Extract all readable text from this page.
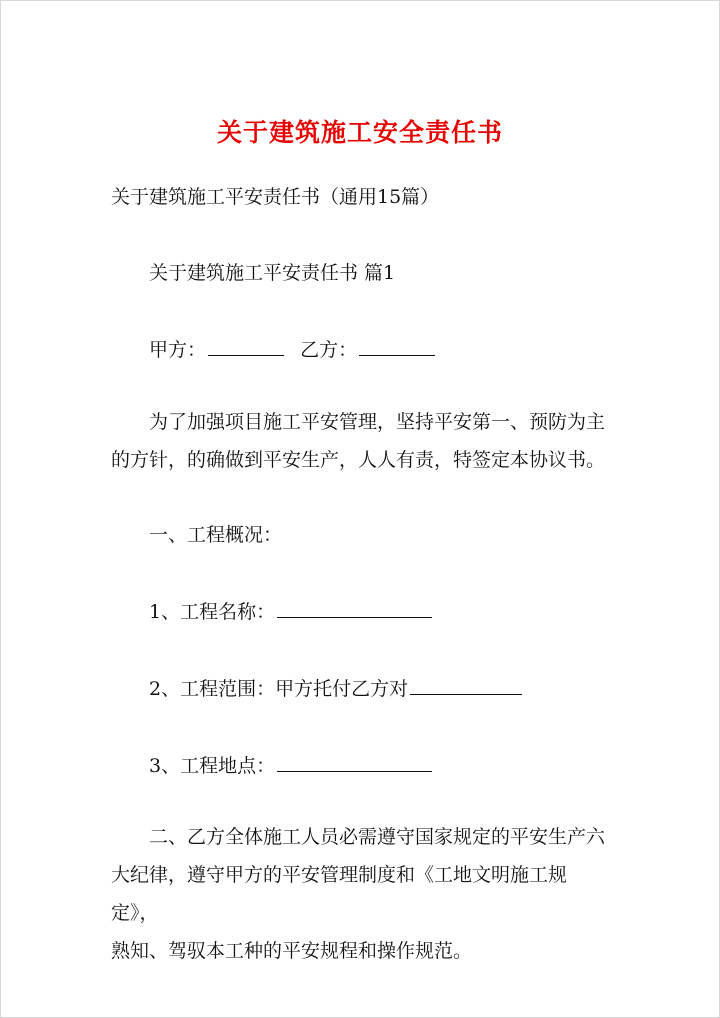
关于建筑施工安全责任书
关于建筑施工平安责任书（通用15篇）
关于建筑施工平安责任书 篇1
甲方：	乙方：
为了加强项目施工平安管理，坚持平安第一、预防为主
的方针，的确做到平安生产，人人有责，特签定本协议书。
一、工程概况：
1、工程名称：
2、工程范围：甲方托付乙方对
3、工程地点：
二、乙方全体施工人员必需遵守国家规定的平安生产六
大纪律，遵守甲方的平安管理制度和《工地文明施工规定》，
熟知、驾驭本工种的平安规程和操作规范。
